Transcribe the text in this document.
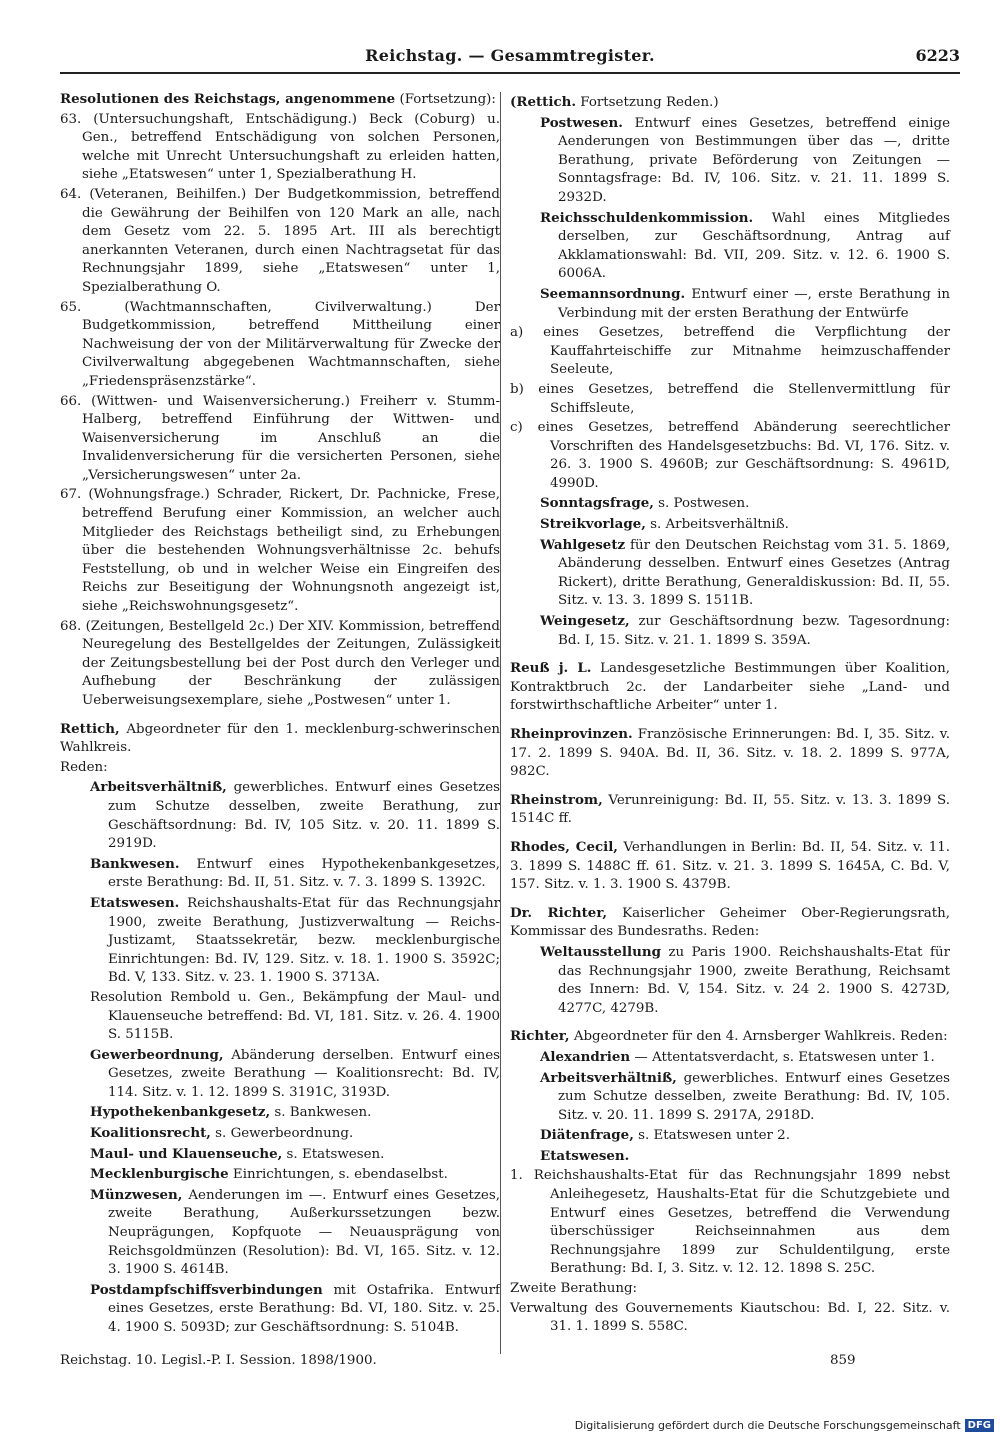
Reichstag. — Gesammtregister.	6223

Resolutionen des Reichstags, angenommene (Fortsetzung):

63. (Untersuchungshaft, Entschädigung.) Beck (Coburg) u. Gen., betreffend Entschädigung von solchen Personen, welche mit Unrecht Untersuchungshaft zu erleiden hatten, siehe „Etatswesen“ unter 1, Spezialberathung H.

64. (Veteranen, Beihilfen.) Der Budgetkommission, betreffend die Gewährung der Beihilfen von 120 Mark an alle, nach dem Gesetz vom 22. 5. 1895 Art. III als berechtigt anerkannten Veteranen, durch einen Nachtragsetat für das Rechnungsjahr 1899, siehe „Etatswesen“ unter 1, Spezialberathung O.

65. (Wachtmannschaften, Civilverwaltung.) Der Budgetkommission, betreffend Mittheilung einer Nachweisung der von der Militärverwaltung für Zwecke der Civilverwaltung abgegebenen Wachtmannschaften, siehe „Friedenspräsenzstärke“.

66. (Wittwen- und Waisenversicherung.) Freiherr v. Stumm-Halberg, betreffend Einführung der Wittwen- und Waisenversicherung im Anschluß an die Invalidenversicherung für die versicherten Personen, siehe „Versicherungswesen“ unter 2a.

67. (Wohnungsfrage.) Schrader, Rickert, Dr. Pachnicke, Frese, betreffend Berufung einer Kommission, an welcher auch Mitglieder des Reichstags betheiligt sind, zu Erhebungen über die bestehenden Wohnungsverhältnisse 2c. behufs Feststellung, ob und in welcher Weise ein Eingreifen des Reichs zur Beseitigung der Wohnungsnoth angezeigt ist, siehe „Reichswohnungsgesetz“.

68. (Zeitungen, Bestellgeld 2c.) Der XIV. Kommission, betreffend Neuregelung des Bestellgeldes der Zeitungen, Zulässigkeit der Zeitungsbestellung bei der Post durch den Verleger und Aufhebung der Beschränkung der zulässigen Ueberweisungsexemplare, siehe „Postwesen“ unter 1.

Rettich, Abgeordneter für den 1. mecklenburg-schwerinschen Wahlkreis.

Reden:

Arbeitsverhältniß, gewerbliches. Entwurf eines Gesetzes zum Schutze desselben, zweite Berathung, zur Geschäftsordnung: Bd. IV, 105 Sitz. v. 20. 11. 1899 S. 2919D.

Bankwesen. Entwurf eines Hypothekenbankgesetzes, erste Berathung: Bd. II, 51. Sitz. v. 7. 3. 1899 S. 1392C.

Etatswesen. Reichshaushalts-Etat für das Rechnungsjahr 1900, zweite Berathung, Justizverwaltung — Reichs-Justizamt, Staatssekretär, bezw. mecklenburgische Einrichtungen: Bd. IV, 129. Sitz. v. 18. 1. 1900 S. 3592C; Bd. V, 133. Sitz. v. 23. 1. 1900 S. 3713A.

Resolution Rembold u. Gen., Bekämpfung der Maul- und Klauenseuche betreffend: Bd. VI, 181. Sitz. v. 26. 4. 1900 S. 5115B.

Gewerbeordnung, Abänderung derselben. Entwurf eines Gesetzes, zweite Berathung — Koalitionsrecht: Bd. IV, 114. Sitz. v. 1. 12. 1899 S. 3191C, 3193D.

Hypothekenbankgesetz, s. Bankwesen.

Koalitionsrecht, s. Gewerbeordnung.

Maul- und Klauenseuche, s. Etatswesen.

Mecklenburgische Einrichtungen, s. ebendaselbst.

Münzwesen, Aenderungen im —. Entwurf eines Gesetzes, zweite Berathung, Außerkurssetzungen bezw. Neuprägungen, Kopfquote — Neuausprägung von Reichsgoldmünzen (Resolution): Bd. VI, 165. Sitz. v. 12. 3. 1900 S. 4614B.

Postdampfschiffsverbindungen mit Ostafrika. Entwurf eines Gesetzes, erste Berathung: Bd. VI, 180. Sitz. v. 25. 4. 1900 S. 5093D; zur Geschäftsordnung: S. 5104B.

(Rettich. Fortsetzung Reden.)

Postwesen. Entwurf eines Gesetzes, betreffend einige Aenderungen von Bestimmungen über das —, dritte Berathung, private Beförderung von Zeitungen — Sonntagsfrage: Bd. IV, 106. Sitz. v. 21. 11. 1899 S. 2932D.

Reichsschuldenkommission. Wahl eines Mitgliedes derselben, zur Geschäftsordnung, Antrag auf Akklamationswahl: Bd. VII, 209. Sitz. v. 12. 6. 1900 S. 6006A.

Seemannsordnung. Entwurf einer —, erste Berathung in Verbindung mit der ersten Berathung der Entwürfe

a) eines Gesetzes, betreffend die Verpflichtung der Kauffahrteischiffe zur Mitnahme heimzuschaffender Seeleute,

b) eines Gesetzes, betreffend die Stellenvermittlung für Schiffsleute,

c) eines Gesetzes, betreffend Abänderung seerechtlicher Vorschriften des Handelsgesetzbuchs: Bd. VI, 176. Sitz. v. 26. 3. 1900 S. 4960B; zur Geschäftsordnung: S. 4961D, 4990D.

Sonntagsfrage, s. Postwesen.

Streikvorlage, s. Arbeitsverhältniß.

Wahlgesetz für den Deutschen Reichstag vom 31. 5. 1869, Abänderung desselben. Entwurf eines Gesetzes (Antrag Rickert), dritte Berathung, Generaldiskussion: Bd. II, 55. Sitz. v. 13. 3. 1899 S. 1511B.

Weingesetz, zur Geschäftsordnung bezw. Tagesordnung: Bd. I, 15. Sitz. v. 21. 1. 1899 S. 359A.

Reuß j. L. Landesgesetzliche Bestimmungen über Koalition, Kontraktbruch 2c. der Landarbeiter siehe „Land- und forstwirthschaftliche Arbeiter“ unter 1.

Rheinprovinzen. Französische Erinnerungen: Bd. I, 35. Sitz. v. 17. 2. 1899 S. 940A. Bd. II, 36. Sitz. v. 18. 2. 1899 S. 977A, 982C.

Rheinstrom, Verunreinigung: Bd. II, 55. Sitz. v. 13. 3. 1899 S. 1514C ff.

Rhodes, Cecil, Verhandlungen in Berlin: Bd. II, 54. Sitz. v. 11. 3. 1899 S. 1488C ff. 61. Sitz. v. 21. 3. 1899 S. 1645A, C. Bd. V, 157. Sitz. v. 1. 3. 1900 S. 4379B.

Dr. Richter, Kaiserlicher Geheimer Ober-Regierungsrath, Kommissar des Bundesraths. Reden:

Weltausstellung zu Paris 1900. Reichshaushalts-Etat für das Rechnungsjahr 1900, zweite Berathung, Reichsamt des Innern: Bd. V, 154. Sitz. v. 24 2. 1900 S. 4273D, 4277C, 4279B.

Richter, Abgeordneter für den 4. Arnsberger Wahlkreis. Reden:

Alexandrien — Attentatsverdacht, s. Etatswesen unter 1.

Arbeitsverhältniß, gewerbliches. Entwurf eines Gesetzes zum Schutze desselben, zweite Berathung: Bd. IV, 105. Sitz. v. 20. 11. 1899 S. 2917A, 2918D.

Diätenfrage, s. Etatswesen unter 2.

Etatswesen.

1. Reichshaushalts-Etat für das Rechnungsjahr 1899 nebst Anleihegesetz, Haushalts-Etat für die Schutzgebiete und Entwurf eines Gesetzes, betreffend die Verwendung überschüssiger Reichseinnahmen aus dem Rechnungsjahre 1899 zur Schuldentilgung, erste Berathung: Bd. I, 3. Sitz. v. 12. 12. 1898 S. 25C.

Zweite Berathung:

Verwaltung des Gouvernements Kiautschou: Bd. I, 22. Sitz. v. 31. 1. 1899 S. 558C.

Reichstag. 10. Legisl.-P. I. Session. 1898/1900.	859
Digitalisierung gefördert durch die Deutsche Forschungsgemeinschaft DFG
